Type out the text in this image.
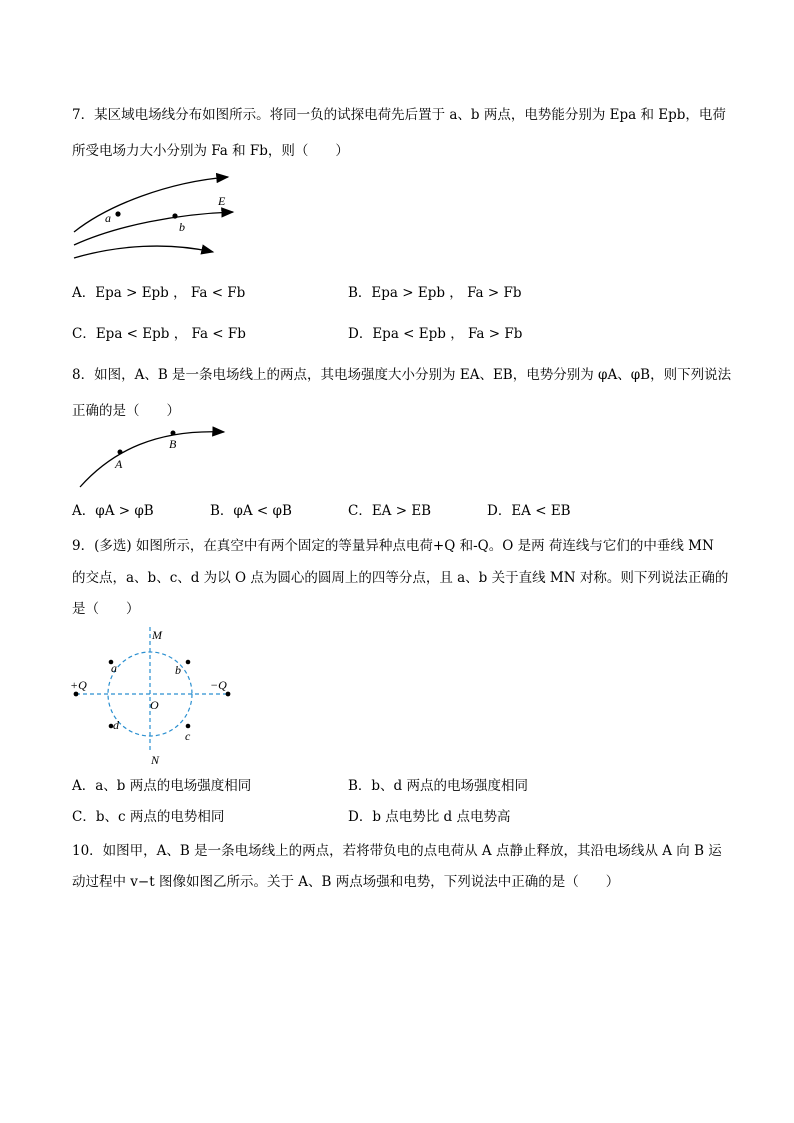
7．某区域电场线分布如图所示。将同一负的试探电荷先后置于 a、b 两点，电势能分别为 Epa 和 Epb，电荷
所受电场力大小分别为 Fa 和 Fb，则（　　）
a
b
E
A．Epa > Epb ， Fa < Fb	B．Epa > Epb ， Fa > Fb
C．Epa < Epb ， Fa < Fb	D．Epa < Epb ， Fa > Fb
8．如图，A、B 是一条电场线上的两点，其电场强度大小分别为 EA、EB，电势分别为 φA、φB，则下列说法
正确的是（　　）
A
B
A．φA > φB	B．φA < φB	C．EA > EB	D．EA < EB
9．(多选) 如图所示，在真空中有两个固定的等量异种点电荷+Q 和-Q。O 是两 荷连线与它们的中垂线 MN
的交点，a、b、c、d 为以 O 点为圆心的圆周上的四等分点，且 a、b 关于直线 MN 对称。则下列说法正确的
是（　　）
M
N
O
+Q	−Q
a	b
c
d
A．a、b 两点的电场强度相同	B．b、d 两点的电场强度相同
C．b、c 两点的电势相同	D．b 点电势比 d 点电势高
10．如图甲，A、B 是一条电场线上的两点，若将带负电的点电荷从 A 点静止释放，其沿电场线从 A 向 B 运
动过程中 v−t 图像如图乙所示。关于 A、B 两点场强和电势，下列说法中正确的是（　　）
